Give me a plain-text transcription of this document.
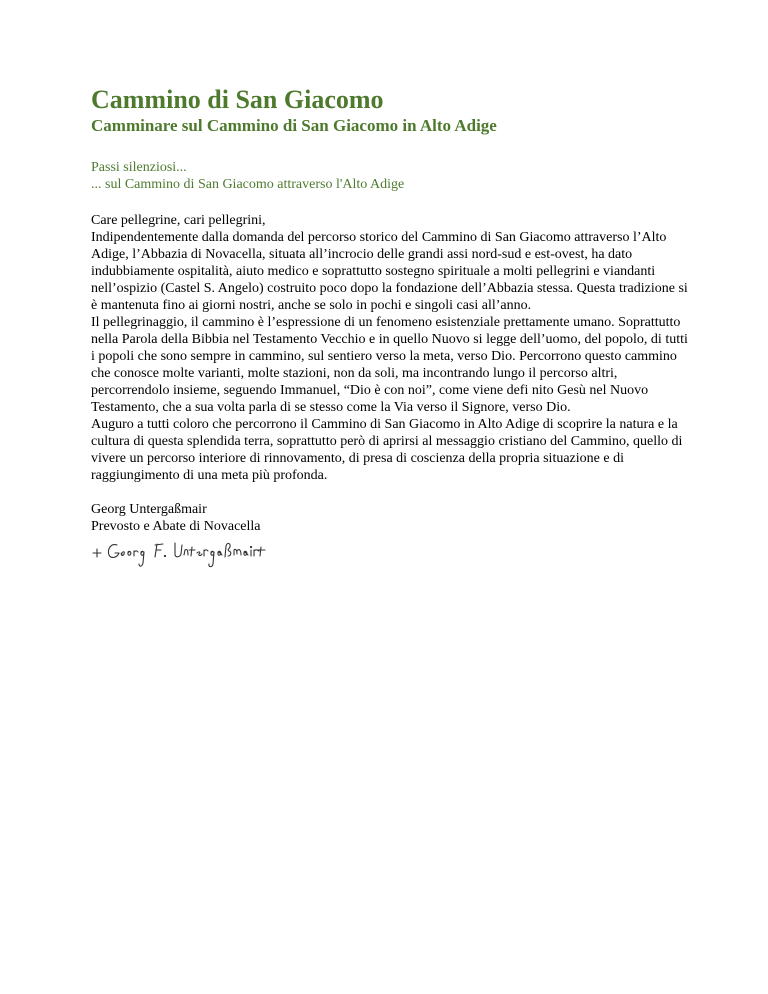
Cammino di San Giacomo
Camminare sul Cammino di San Giacomo in Alto Adige
Passi silenziosi...
... sul Cammino di San Giacomo attraverso l'Alto Adige

Care pellegrine, cari pellegrini,

Indipendentemente dalla domanda del percorso storico del Cammino di San Giacomo attraverso l’Alto Adige, l’Abbazia di Novacella, situata all’incrocio delle grandi assi nord-sud e est-ovest, ha dato indubbiamente ospitalità, aiuto medico e soprattutto sostegno spirituale a molti pellegrini e viandanti nell’ospizio (Castel S. Angelo) costruito poco dopo la fondazione dell’Abbazia stessa. Questa tradizione si è mantenuta fino ai giorni nostri, anche se solo in pochi e singoli casi all’anno.

Il pellegrinaggio, il cammino è l’espressione di un fenomeno esistenziale prettamente umano. Soprattutto nella Parola della Bibbia nel Testamento Vecchio e in quello Nuovo si legge dell’uomo, del popolo, di tutti i popoli che sono sempre in cammino, sul sentiero verso la meta, verso Dio. Percorrono questo cammino che conosce molte varianti, molte stazioni, non da soli, ma incontrando lungo il percorso altri, percorrendolo insieme, seguendo Immanuel, “Dio è con noi”, come viene defi nito Gesù nel Nuovo Testamento, che a sua volta parla di se stesso come la Via verso il Signore, verso Dio.

Auguro a tutti coloro che percorrono il Cammino di San Giacomo in Alto Adige di scoprire la natura e la cultura di questa splendida terra, soprattutto però di aprirsi al messaggio cristiano del Cammino, quello di vivere un percorso interiore di rinnovamento, di presa di coscienza della propria situazione e di raggiungimento di una meta più profonda.

Georg Untergaßmair
Prevosto e Abate di Novacella
